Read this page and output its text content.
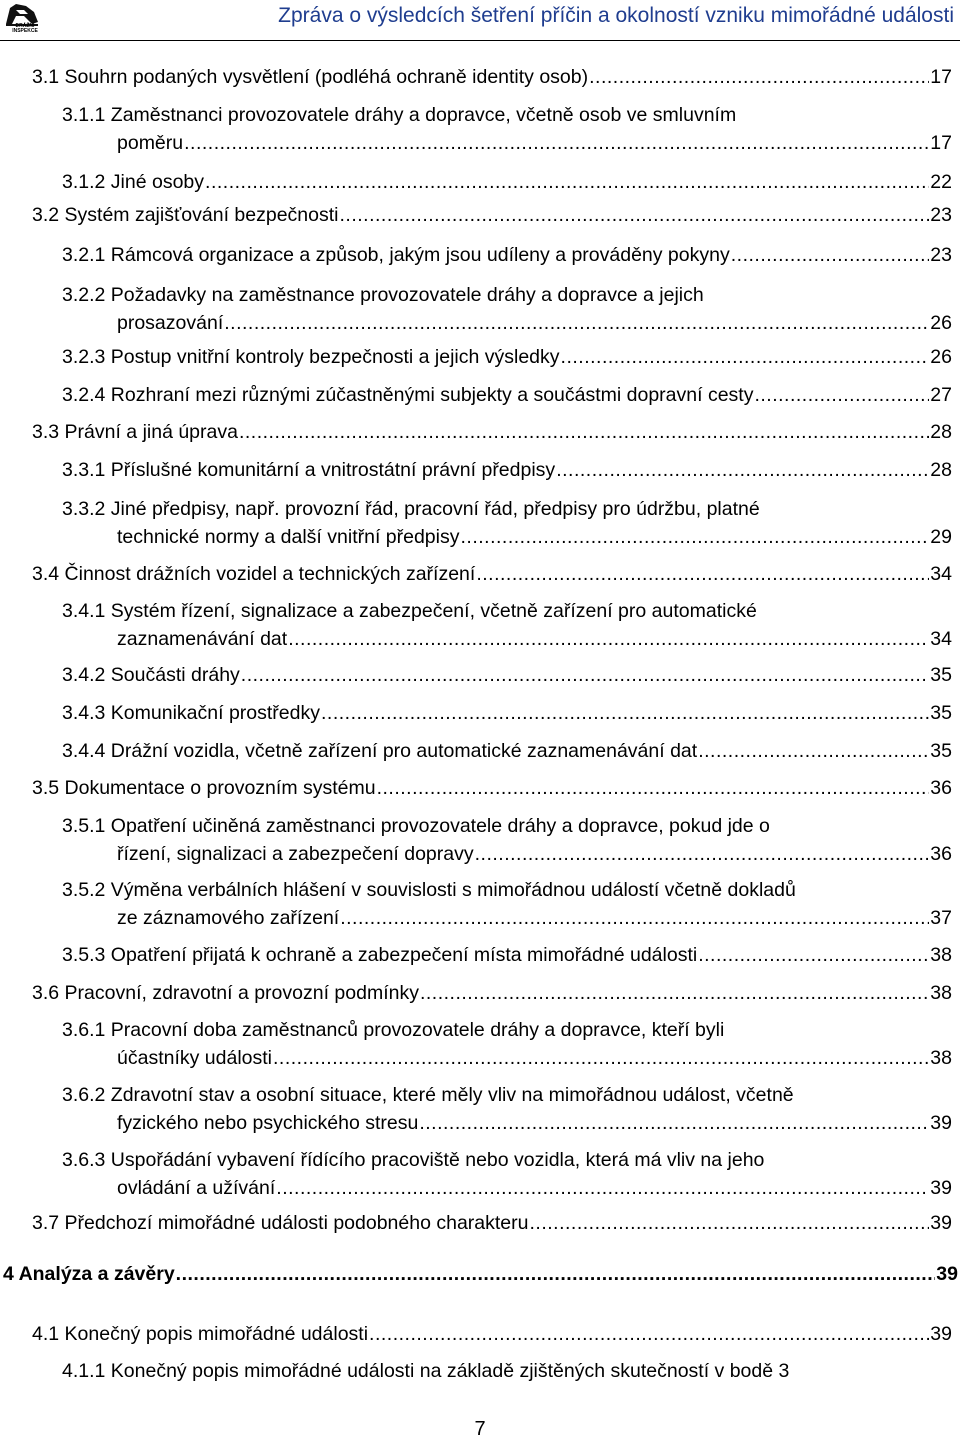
DRÁŽNÍ INSPEKCE
Zpráva o výsledcích šetření příčin a okolností vzniku mimořádné události
3.1 Souhrn podaných vysvětlení (podléhá ochraně identity osob) .....	17
3.1.1 Zaměstnanci provozovatele dráhy a dopravce, včetně osob ve smluvním
poměru .....	17
3.1.2 Jiné osoby .....	22
3.2 Systém zajišťování bezpečnosti .....	23
3.2.1 Rámcová organizace a způsob, jakým jsou udíleny a prováděny pokyny .....	23
3.2.2 Požadavky na zaměstnance provozovatele dráhy a dopravce a jejich
prosazování .....	26
3.2.3 Postup vnitřní kontroly bezpečnosti a jejich výsledky .....	26
3.2.4 Rozhraní mezi různými zúčastněnými subjekty a součástmi dopravní cesty .....	27
3.3 Právní a jiná úprava .....	28
3.3.1 Příslušné komunitární a vnitrostátní právní předpisy .....	28
3.3.2 Jiné předpisy, např. provozní řád, pracovní řád, předpisy pro údržbu, platné
technické normy a další vnitřní předpisy .....	29
3.4 Činnost drážních vozidel a technických zařízení .....	34
3.4.1 Systém řízení, signalizace a zabezpečení, včetně zařízení pro automatické
zaznamenávání dat .....	34
3.4.2 Součásti dráhy .....	35
3.4.3 Komunikační prostředky .....	35
3.4.4 Drážní vozidla, včetně zařízení pro automatické zaznamenávání dat .....	35
3.5 Dokumentace o provozním systému .....	36
3.5.1 Opatření učiněná zaměstnanci provozovatele dráhy a dopravce, pokud jde o
řízení, signalizaci a zabezpečení dopravy .....	36
3.5.2 Výměna verbálních hlášení v souvislosti s mimořádnou událostí včetně dokladů
ze záznamového zařízení .....	37
3.5.3 Opatření přijatá k ochraně a zabezpečení místa mimořádné události .....	38
3.6 Pracovní, zdravotní a provozní podmínky .....	38
3.6.1 Pracovní doba zaměstnanců provozovatele dráhy a dopravce, kteří byli
účastníky události .....	38
3.6.2 Zdravotní stav a osobní situace, které měly vliv na mimořádnou událost, včetně
fyzického nebo psychického stresu .....	39
3.6.3 Uspořádání vybavení řídícího pracoviště nebo vozidla, která má vliv na jeho
ovládání a užívání .....	39
3.7 Předchozí mimořádné události podobného charakteru .....	39
4 Analýza a závěry .....	39
4.1 Konečný popis mimořádné události .....	39
4.1.1 Konečný popis mimořádné události na základě zjištěných skutečností v bodě 3
7
